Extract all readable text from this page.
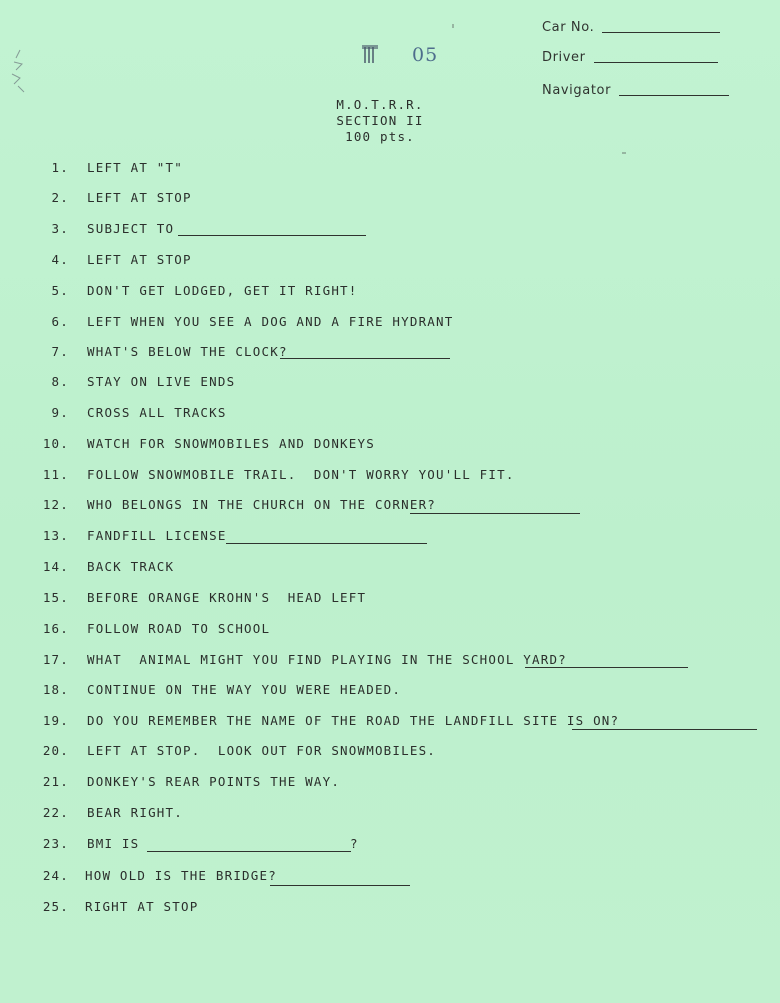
Car No.
Driver
Navigator
05
M.O.T.R.R.
SECTION II
100 pts.
1. LEFT AT "T"
2. LEFT AT STOP
3. SUBJECT TO
4. LEFT AT STOP
5. DON'T GET LODGED, GET IT RIGHT!
6. LEFT WHEN YOU SEE A DOG AND A FIRE HYDRANT
7. WHAT'S BELOW THE CLOCK?
8. STAY ON LIVE ENDS
9. CROSS ALL TRACKS
10. WATCH FOR SNOWMOBILES AND DONKEYS
11. FOLLOW SNOWMOBILE TRAIL.  DON'T WORRY YOU'LL FIT.
12. WHO BELONGS IN THE CHURCH ON THE CORNER?
13. FANDFILL LICENSE
14. BACK TRACK
15. BEFORE ORANGE KROHN'S  HEAD LEFT
16. FOLLOW ROAD TO SCHOOL
17. WHAT  ANIMAL MIGHT YOU FIND PLAYING IN THE SCHOOL YARD?
18. CONTINUE ON THE WAY YOU WERE HEADED.
19. DO YOU REMEMBER THE NAME OF THE ROAD THE LANDFILL SITE IS ON?
20. LEFT AT STOP.  LOOK OUT FOR SNOWMOBILES.
21. DONKEY'S REAR POINTS THE WAY.
22. BEAR RIGHT.
23. BMI IS	?
24. HOW OLD IS THE BRIDGE?
25. RIGHT AT STOP
